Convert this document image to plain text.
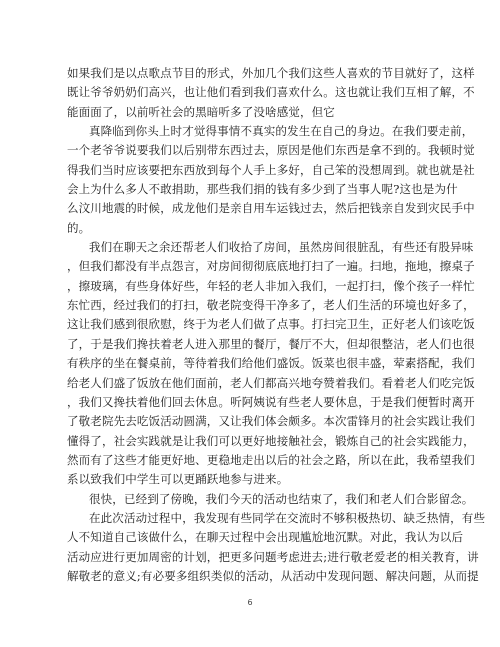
如果我们是以点歌点节目的形式，外加几个我们这些人喜欢的节目就好了，这样
既让爷爷奶奶们高兴，也让他们看到我们喜欢什么。这也就让我们互相了解，不
能面面了，以前听社会的黑暗听多了没啥感觉，但它
真降临到你头上时才觉得事情不真实的发生在自己的身边。在我们要走前，
一个老爷爷说要我们以后别带东西过去，原因是他们东西是拿不到的。我顿时觉
得我们当时应该要把东西放到每个人手上多好，自己笨的没想周到。就也就是社
会上为什么多人不敢捐助，那些我们捐的钱有多少到了当事人呢?这也是为什
么汶川地震的时候，成龙他们是亲自用车运钱过去，然后把钱亲自发到灾民手中
的。
我们在聊天之余还帮老人们收拾了房间，虽然房间很脏乱，有些还有股异味
，但我们都没有半点怨言，对房间彻彻底底地打扫了一遍。扫地，拖地，擦桌子
，擦玻璃，有些身体好些，年轻的老人非加入我们，一起打扫，像个孩子一样忙
东忙西，经过我们的打扫，敬老院变得干净多了，老人们生活的环境也好多了，
这让我们感到很欣慰，终于为老人们做了点事。打扫完卫生，正好老人们该吃饭
了，于是我们搀扶着老人进入那里的餐厅，餐厅不大，但却很整洁，老人们也很
有秩序的坐在餐桌前，等待着我们给他们盛饭。饭菜也很丰盛，荤素搭配，我们
给老人们盛了饭放在他们面前，老人们都高兴地夸赞着我们。看着老人们吃完饭
，我们又搀扶着他们回去休息。听阿姨说有些老人要休息，于是我们便暂时离开
了敬老院先去吃饭活动圆满，又让我们体会颇多。本次雷锋月的社会实践让我们
懂得了，社会实践就是让我们可以更好地接触社会，锻炼自己的社会实践能力，
然而有了这些才能更好地、更稳地走出以后的社会之路，所以在此，我希望我们
系以致我们中学生可以更踊跃地参与进来。
很快，已经到了傍晚，我们今天的活动也结束了，我们和老人们合影留念。
在此次活动过程中，我发现有些同学在交流时不够积极热切、缺乏热情，有些
人不知道自己该做什么，在聊天过程中会出现尴尬地沉默。对此，我认为以后
活动应进行更加周密的计划，把更多问题考虑进去;进行敬老爱老的相关教育，讲
解敬老的意义;有必要多组织类似的活动，从活动中发现问题、解决问题，从而提
6
